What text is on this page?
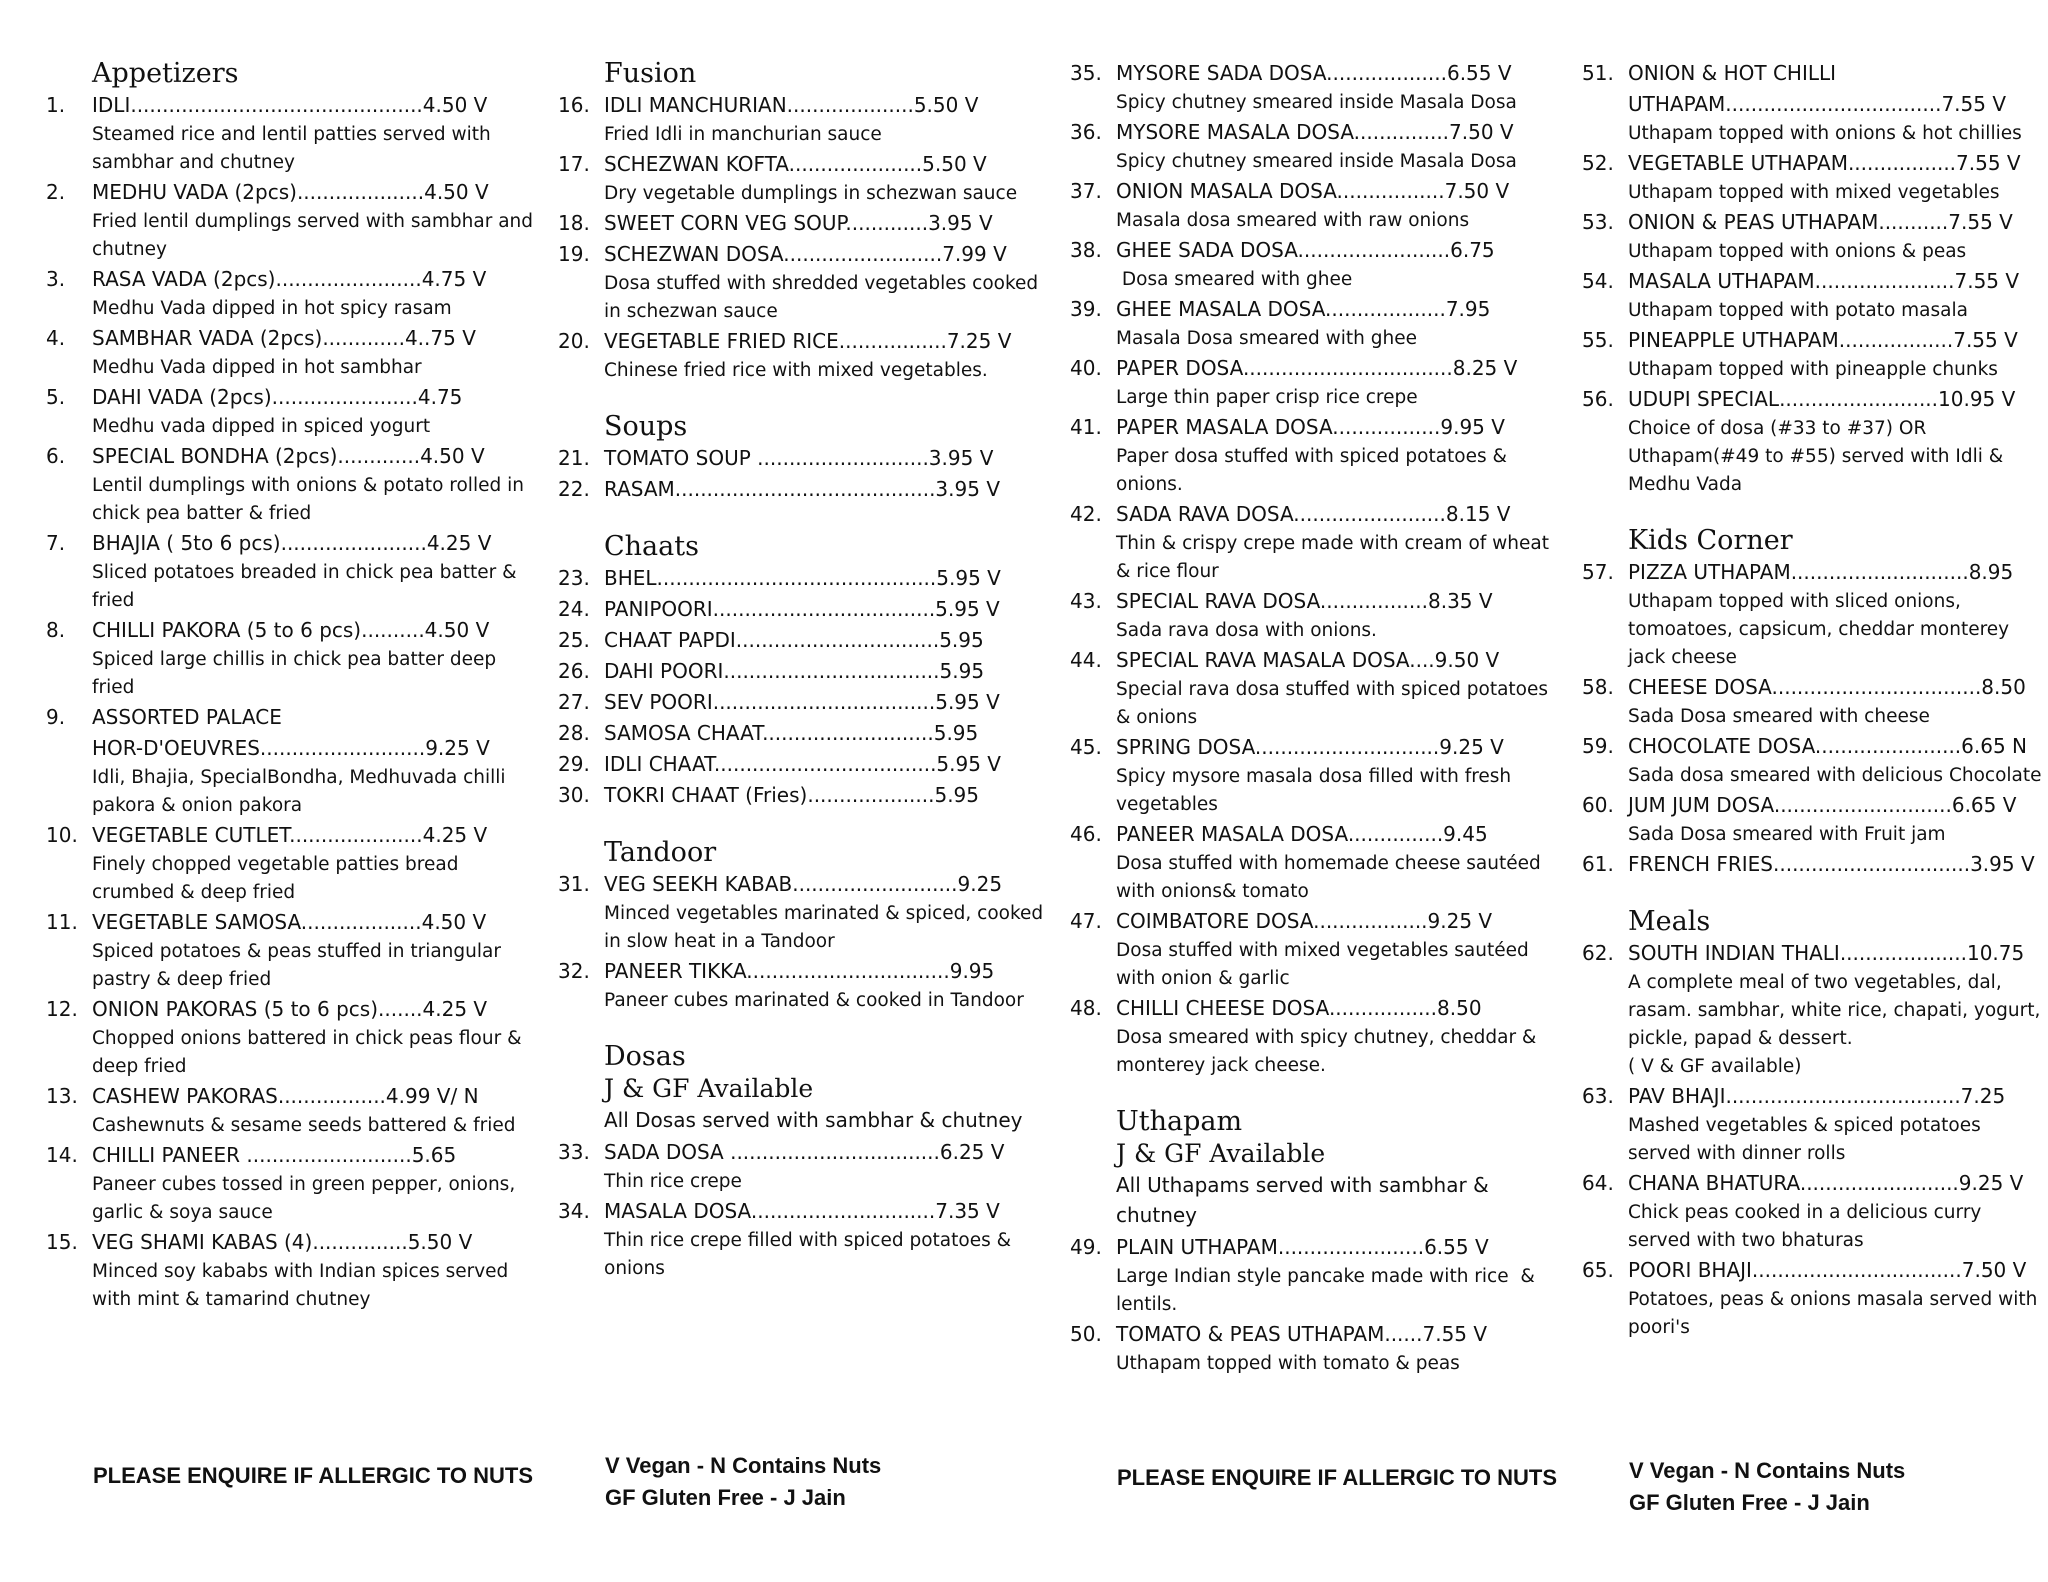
Appetizers
1.	IDLI..............................................4.50 V
Steamed rice and lentil patties served with sambhar and chutney
2.	MEDHU VADA (2pcs)....................4.50 V
Fried lentil dumplings served with sambhar and chutney
3.	RASA VADA (2pcs).......................4.75 V
Medhu Vada dipped in hot spicy rasam
4.	SAMBHAR VADA (2pcs).............4..75 V
Medhu Vada dipped in hot sambhar
5.	DAHI VADA (2pcs).......................4.75
Medhu vada dipped in spiced yogurt
6.	SPECIAL BONDHA (2pcs).............4.50 V
Lentil dumplings with onions & potato rolled in chick pea batter & fried
7.	BHAJIA ( 5to 6 pcs).......................4.25 V
Sliced potatoes breaded in chick pea batter & fried
8.	CHILLI PAKORA (5 to 6 pcs)..........4.50 V
Spiced large chillis in chick pea batter deep fried
9.	ASSORTED PALACE
HOR-D'OEUVRES..........................9.25 V
Idli, Bhajia, SpecialBondha, Medhuvada chilli pakora & onion pakora
10. VEGETABLE CUTLET.....................4.25 V
Finely chopped vegetable patties bread crumbed & deep fried
11. VEGETABLE SAMOSA...................4.50 V
Spiced potatoes & peas stuffed in triangular pastry & deep fried
12. ONION PAKORAS (5 to 6 pcs).......4.25 V
Chopped onions battered in chick peas flour & deep fried
13. CASHEW PAKORAS.................4.99 V/ N
Cashewnuts & sesame seeds battered & fried
14. CHILLI PANEER ..........................5.65
Paneer cubes tossed in green pepper, onions, garlic & soya sauce
15. VEG SHAMI KABAS (4)...............5.50 V
Minced soy kababs with Indian spices served with mint & tamarind chutney
Fusion
16. IDLI MANCHURIAN....................5.50 V
Fried Idli in manchurian sauce
17. SCHEZWAN KOFTA.....................5.50 V
Dry vegetable dumplings in schezwan sauce
18. SWEET CORN VEG SOUP.............3.95 V
19. SCHEZWAN DOSA.........................7.99 V
Dosa stuffed with shredded vegetables cooked in schezwan sauce
20. VEGETABLE FRIED RICE.................7.25 V
Chinese fried rice with mixed vegetables.
Soups
21. TOMATO SOUP ...........................3.95 V
22. RASAM.........................................3.95 V
Chaats
23. BHEL............................................5.95 V
24. PANIPOORI...................................5.95 V
25. CHAAT PAPDI................................5.95
26. DAHI POORI..................................5.95
27. SEV POORI...................................5.95 V
28. SAMOSA CHAAT...........................5.95
29. IDLI CHAAT...................................5.95 V
30. TOKRI CHAAT (Fries)....................5.95
Tandoor
31. VEG SEEKH KABAB..........................9.25
Minced vegetables marinated & spiced, cooked in slow heat in a Tandoor
32. PANEER TIKKA................................9.95
Paneer cubes marinated & cooked in Tandoor
Dosas
J & GF Available
All Dosas served with sambhar & chutney
33. SADA DOSA .................................6.25 V
Thin rice crepe
34. MASALA DOSA.............................7.35 V
Thin rice crepe filled with spiced potatoes & onions
35. MYSORE SADA DOSA...................6.55 V
Spicy chutney smeared inside Masala Dosa
36. MYSORE MASALA DOSA...............7.50 V
Spicy chutney smeared inside Masala Dosa
37. ONION MASALA DOSA.................7.50 V
Masala dosa smeared with raw onions
38. GHEE SADA DOSA........................6.75
Dosa smeared with ghee
39. GHEE MASALA DOSA...................7.95
Masala Dosa smeared with ghee
40. PAPER DOSA.................................8.25 V
Large thin paper crisp rice crepe
41. PAPER MASALA DOSA.................9.95 V
Paper dosa stuffed with spiced potatoes & onions.
42. SADA RAVA DOSA........................8.15 V
Thin & crispy crepe made with cream of wheat & rice flour
43. SPECIAL RAVA DOSA.................8.35 V
Sada rava dosa with onions.
44. SPECIAL RAVA MASALA DOSA....9.50 V
Special rava dosa stuffed with spiced potatoes & onions
45. SPRING DOSA.............................9.25 V
Spicy mysore masala dosa filled with fresh vegetables
46. PANEER MASALA DOSA...............9.45
Dosa stuffed with homemade cheese sautéed with onions& tomato
47. COIMBATORE DOSA..................9.25 V
Dosa stuffed with mixed vegetables sautéed with onion & garlic
48. CHILLI CHEESE DOSA.................8.50
Dosa smeared with spicy chutney, cheddar & monterey jack cheese.
Uthapam
J & GF Available
All Uthapams served with sambhar & chutney
49. PLAIN UTHAPAM.......................6.55 V
Large Indian style pancake made with rice  & lentils.
50. TOMATO & PEAS UTHAPAM......7.55 V
Uthapam topped with tomato & peas
51. ONION & HOT CHILLI
UTHAPAM..................................7.55 V
Uthapam topped with onions & hot chillies
52. VEGETABLE UTHAPAM.................7.55 V
Uthapam topped with mixed vegetables
53. ONION & PEAS UTHAPAM...........7.55 V
Uthapam topped with onions & peas
54. MASALA UTHAPAM......................7.55 V
Uthapam topped with potato masala
55. PINEAPPLE UTHAPAM..................7.55 V
Uthapam topped with pineapple chunks
56. UDUPI SPECIAL.........................10.95 V
Choice of dosa (#33 to #37) OR Uthapam(#49 to #55) served with Idli & Medhu Vada
Kids Corner
57. PIZZA UTHAPAM............................8.95
Uthapam topped with sliced onions, tomoatoes, capsicum, cheddar monterey jack cheese
58. CHEESE DOSA.................................8.50
Sada Dosa smeared with cheese
59. CHOCOLATE DOSA.......................6.65 N
Sada dosa smeared with delicious Chocolate
60. JUM JUM DOSA............................6.65 V
Sada Dosa smeared with Fruit jam
61. FRENCH FRIES...............................3.95 V
Meals
62. SOUTH INDIAN THALI....................10.75
A complete meal of two vegetables, dal, rasam. sambhar, white rice, chapati, yogurt, pickle, papad & dessert.
( V & GF available)
63. PAV BHAJI.....................................7.25
Mashed vegetables & spiced potatoes served with dinner rolls
64. CHANA BHATURA.........................9.25 V
Chick peas cooked in a delicious curry served with two bhaturas
65. POORI BHAJI.................................7.50 V
Potatoes, peas & onions masala served with poori's
PLEASE ENQUIRE IF ALLERGIC TO NUTS	V Vegan - N Contains Nuts
GF Gluten Free - J Jain
PLEASE ENQUIRE IF ALLERGIC TO NUTS	V Vegan - N Contains Nuts
GF Gluten Free - J Jain
